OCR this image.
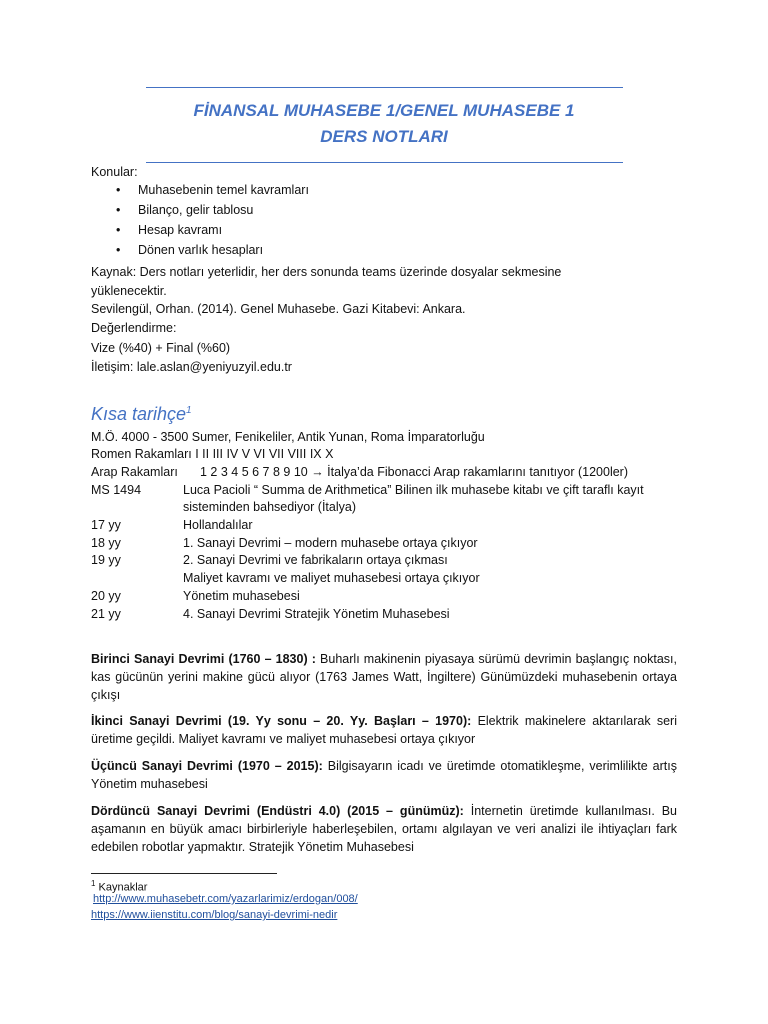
FİNANSAL MUHASEBE 1/GENEL MUHASEBE 1
DERS NOTLARI
Konular:
• Muhasebenin temel kavramları
• Bilanço, gelir tablosu
• Hesap kavramı
• Dönen varlık hesapları
Kaynak: Ders notları yeterlidir, her ders sonunda teams üzerinde dosyalar sekmesine
yüklenecektir.
Sevilengül, Orhan. (2014). Genel Muhasebe. Gazi Kitabevi: Ankara.
Değerlendirme:
Vize (%40) + Final (%60)
İletişim: lale.aslan@yeniyuzyil.edu.tr
Kısa tarihçe$^1$
M.Ö. 4000 - 3500 Sumer, Fenikeliler, Antik Yunan, Roma İmparatorluğu
Romen Rakamları I II III IV V VI VII VIII IX X
Arap Rakamları 1 2 3 4 5 6 7 8 9 10 → İtalya’da Fibonacci Arap rakamlarını tanıtıyor (1200ler)
MS 1494	Luca Pacioli “ Summa de Arithmetica” Bilinen ilk muhasebe kitabı ve çift taraflı kayıt
sisteminden bahsediyor (İtalya)
17 yy	Hollandalılar
18 yy	1. Sanayi Devrimi – modern muhasebe ortaya çıkıyor
19 yy	2. Sanayi Devrimi ve fabrikaların ortaya çıkması
Maliyet kavramı ve maliyet muhasebesi ortaya çıkıyor
20 yy	Yönetim muhasebesi
21 yy	4. Sanayi Devrimi Stratejik Yönetim Muhasebesi
Birinci Sanayi Devrimi (1760 – 1830) : Buharlı makinenin piyasaya sürümü devrimin başlangıç noktası, kas gücünün yerini makine gücü alıyor (1763 James Watt, İngiltere) Günümüzdeki muhasebenin ortaya çıkışı
İkinci Sanayi Devrimi (19. Yy sonu – 20. Yy. Başları – 1970): Elektrik makinelere aktarılarak seri üretime geçildi. Maliyet kavramı ve maliyet muhasebesi ortaya çıkıyor
Üçüncü Sanayi Devrimi (1970 – 2015): Bilgisayarın icadı ve üretimde otomatikleşme, verimlilikte artış Yönetim muhasebesi
Dördüncü Sanayi Devrimi (Endüstri 4.0) (2015 – günümüz): İnternetin üretimde kullanılması. Bu aşamanın en büyük amacı birbirleriyle haberleşebilen, ortamı algılayan ve veri analizi ile ihtiyaçları fark edebilen robotlar yapmaktır. Stratejik Yönetim Muhasebesi
$^1$ Kaynaklar
http://www.muhasebetr.com/yazarlarimiz/erdogan/008/
https://www.iienstitu.com/blog/sanayi-devrimi-nedir
